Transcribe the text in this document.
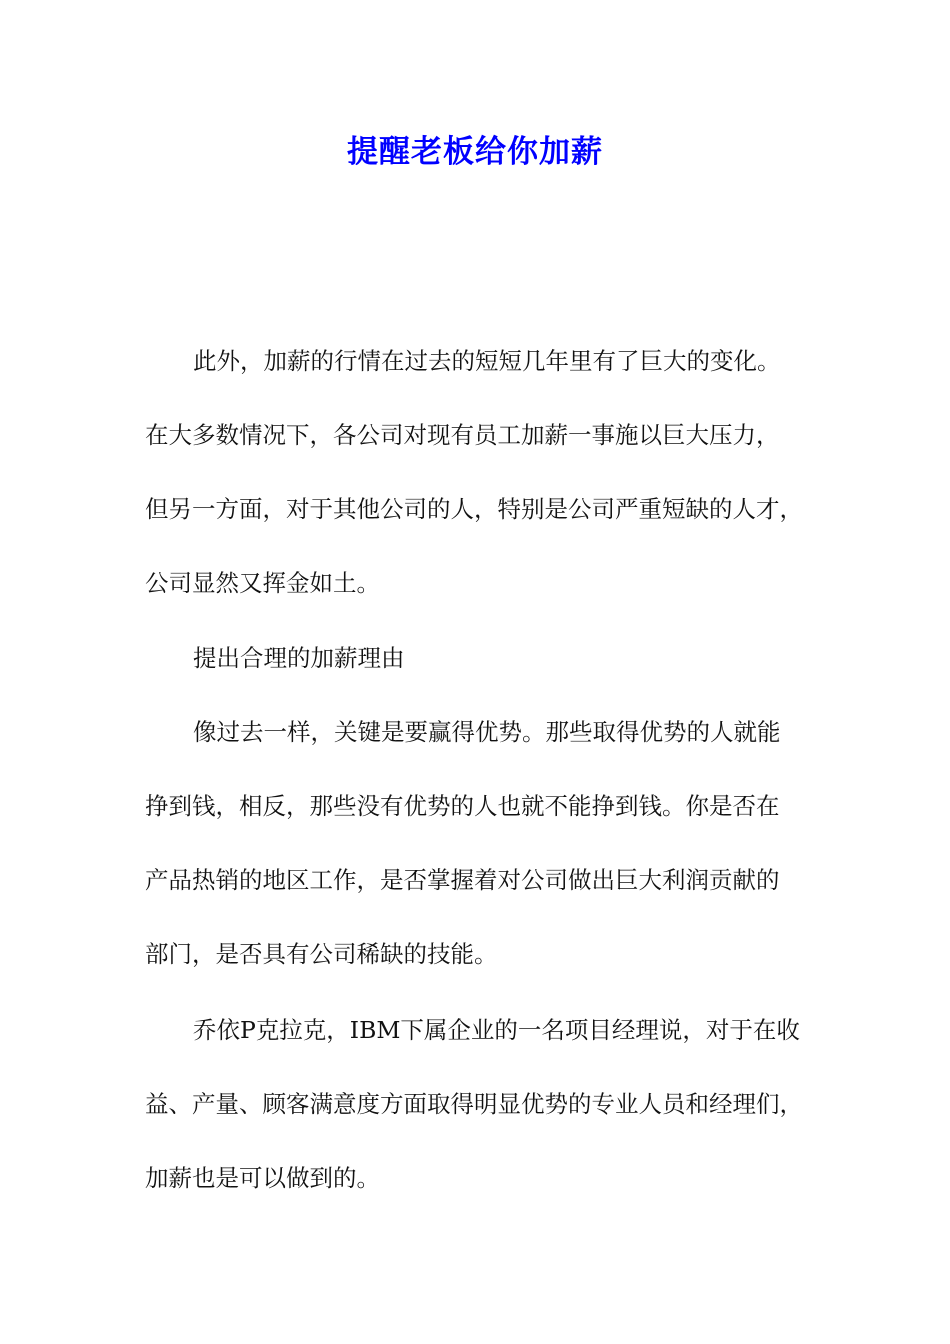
提醒老板给你加薪

此外，加薪的行情在过去的短短几年里有了巨大的变化。

在大多数情况下，各公司对现有员工加薪一事施以巨大压力，

但另一方面，对于其他公司的人，特别是公司严重短缺的人才，

公司显然又挥金如土。

提出合理的加薪理由

像过去一样，关键是要赢得优势。那些取得优势的人就能

挣到钱，相反，那些没有优势的人也就不能挣到钱。你是否在

产品热销的地区工作，是否掌握着对公司做出巨大利润贡献的

部门，是否具有公司稀缺的技能。

乔依P克拉克，IBM下属企业的一名项目经理说，对于在收

益、产量、顾客满意度方面取得明显优势的专业人员和经理们，

加薪也是可以做到的。
